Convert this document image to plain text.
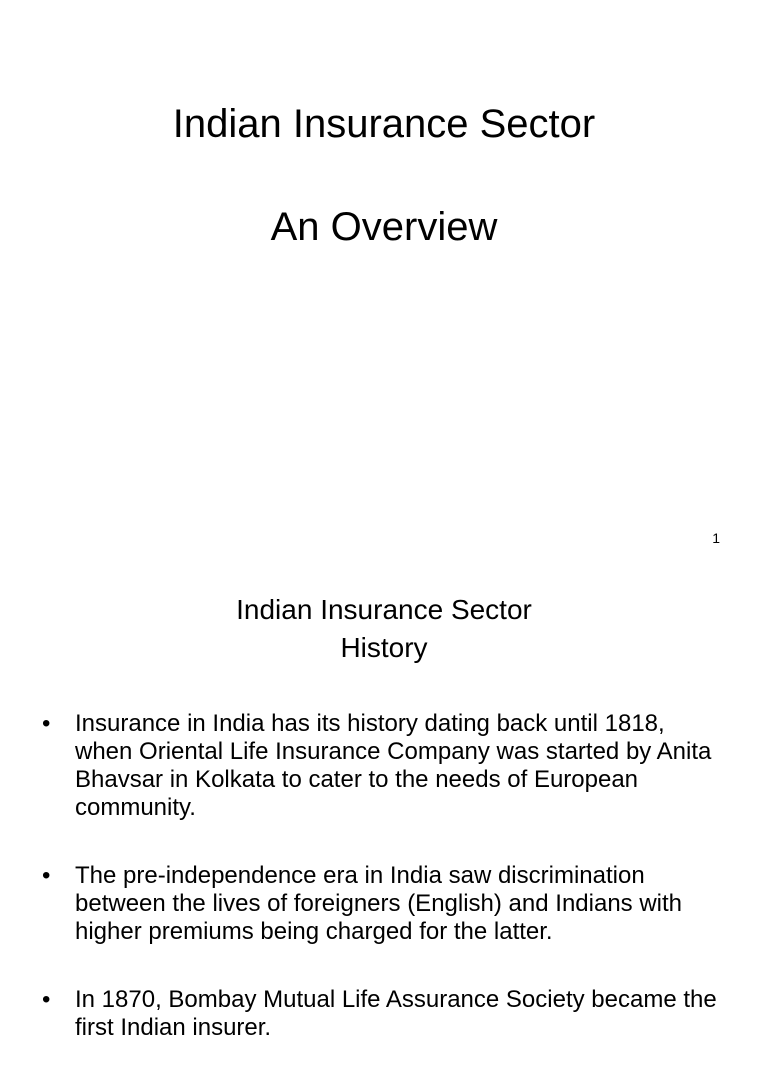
Indian Insurance Sector
An Overview
1
Indian Insurance Sector
History
• Insurance in India has its history dating back until 1818, when Oriental Life Insurance Company was started by Anita Bhavsar in Kolkata to cater to the needs of European community.
• The pre-independence era in India saw discrimination between the lives of foreigners (English) and Indians with higher premiums being charged for the latter.
• In 1870, Bombay Mutual Life Assurance Society became the first Indian insurer.
